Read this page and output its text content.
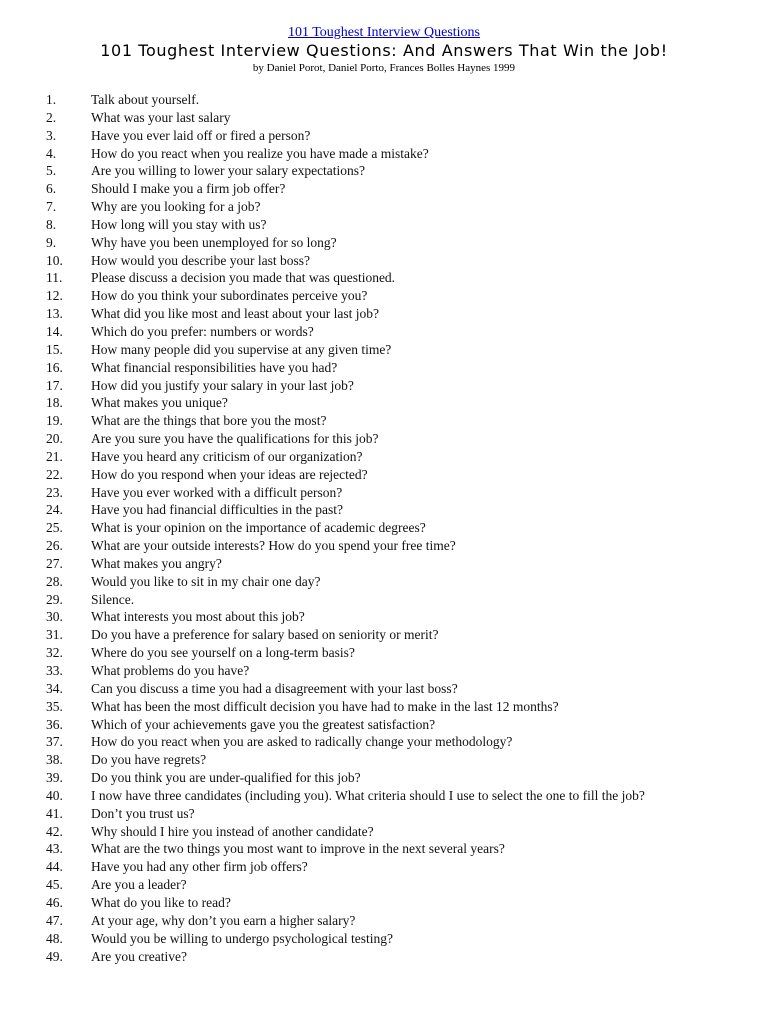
101 Toughest Interview Questions
101 Toughest Interview Questions: And Answers That Win the Job!
by Daniel Porot, Daniel Porto, Frances Bolles Haynes 1999
1.	Talk about yourself.
2.	What was your last salary
3.	Have you ever laid off or fired a person?
4.	How do you react when you realize you have made a mistake?
5.	Are you willing to lower your salary expectations?
6.	Should I make you a firm job offer?
7.	Why are you looking for a job?
8.	How long will you stay with us?
9.	Why have you been unemployed for so long?
10.	How would you describe your last boss?
11.	Please discuss a decision you made that was questioned.
12.	How do you think your subordinates perceive you?
13.	What did you like most and least about your last job?
14.	Which do you prefer: numbers or words?
15.	How many people did you supervise at any given time?
16.	What financial responsibilities have you had?
17.	How did you justify your salary in your last job?
18.	What makes you unique?
19.	What are the things that bore you the most?
20.	Are you sure you have the qualifications for this job?
21.	Have you heard any criticism of our organization?
22.	How do you respond when your ideas are rejected?
23.	Have you ever worked with a difficult person?
24.	Have you had financial difficulties in the past?
25.	What is your opinion on the importance of academic degrees?
26.	What are your outside interests? How do you spend your free time?
27.	What makes you angry?
28.	Would you like to sit in my chair one day?
29.	Silence.
30.	What interests you most about this job?
31.	Do you have a preference for salary based on seniority or merit?
32.	Where do you see yourself on a long-term basis?
33.	What problems do you have?
34.	Can you discuss a time you had a disagreement with your last boss?
35.	What has been the most difficult decision you have had to make in the last 12 months?
36.	Which of your achievements gave you the greatest satisfaction?
37.	How do you react when you are asked to radically change your methodology?
38.	Do you have regrets?
39.	Do you think you are under-qualified for this job?
40.	I now have three candidates (including you). What criteria should I use to select the one to fill the job?
41.	Don’t you trust us?
42.	Why should I hire you instead of another candidate?
43.	What are the two things you most want to improve in the next several years?
44.	Have you had any other firm job offers?
45.	Are you a leader?
46.	What do you like to read?
47.	At your age, why don’t you earn a higher salary?
48.	Would you be willing to undergo psychological testing?
49.	Are you creative?
